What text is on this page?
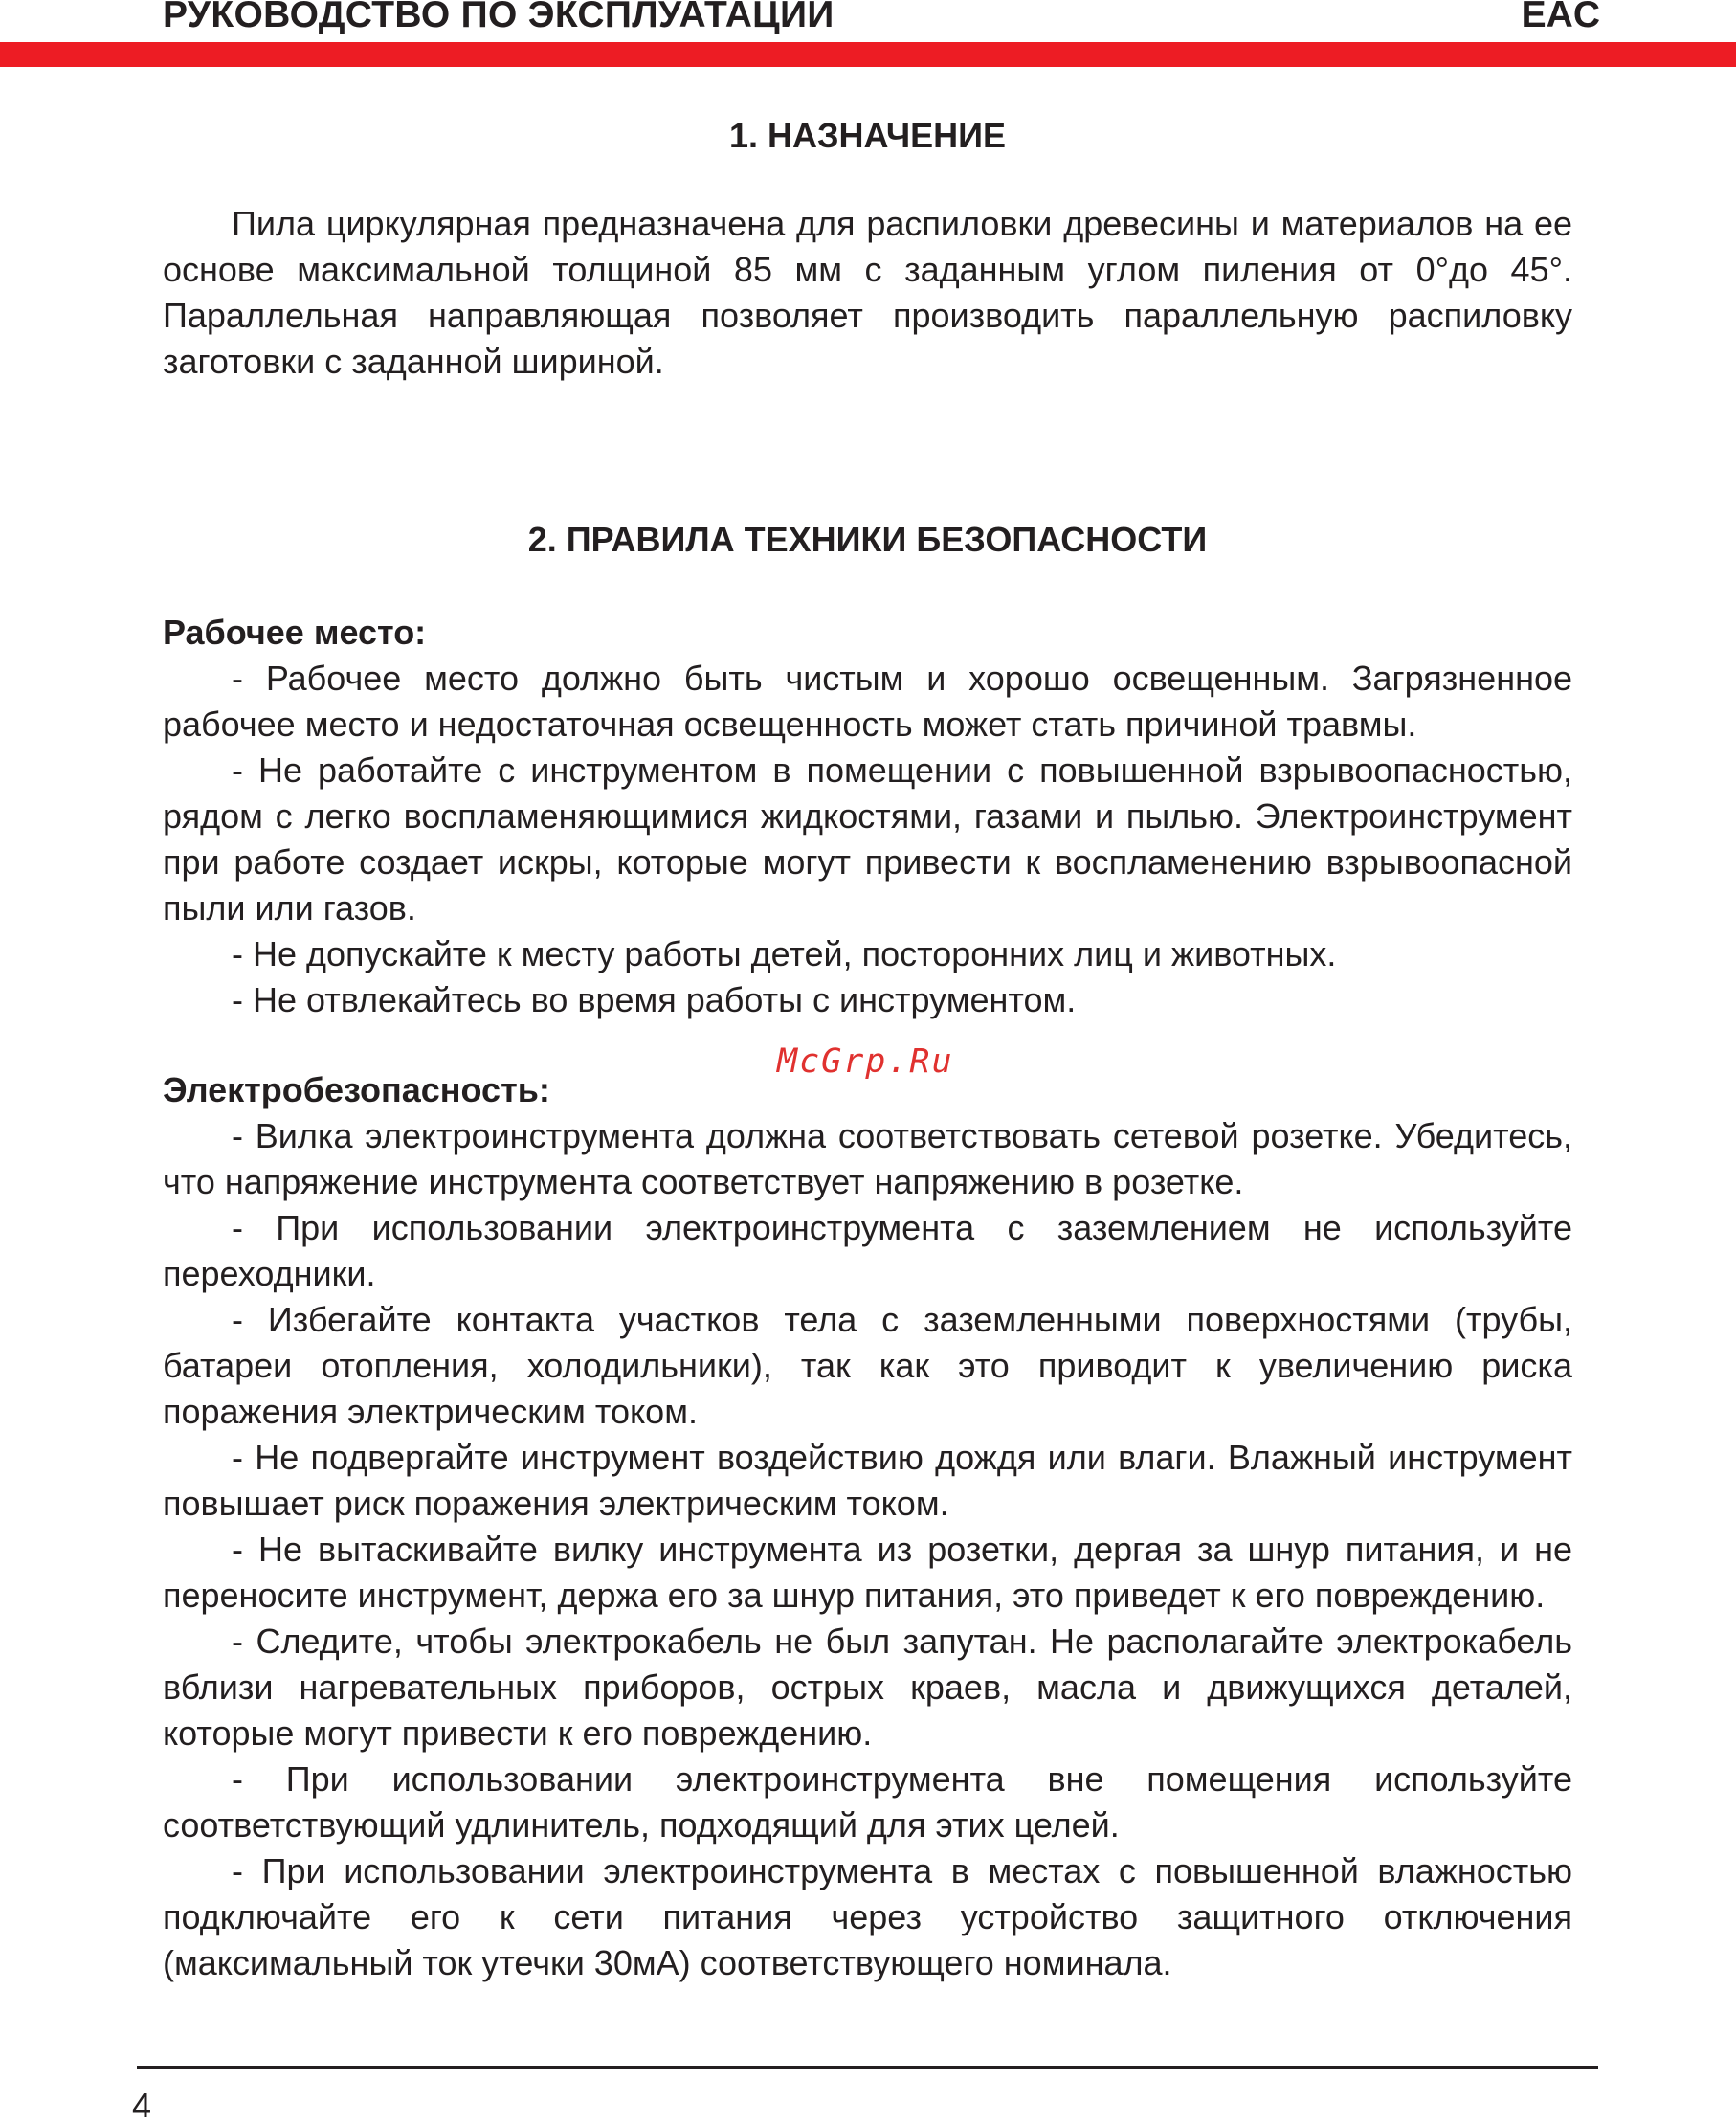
РУКОВОДСТВО ПО ЭКСПЛУАТАЦИИ	EAC
1. НАЗНАЧЕНИЕ

Пила циркулярная предназначена для распиловки древесины и материалов на ее основе максимальной толщиной 85 мм с заданным углом пиления от 0°до 45°. Параллельная направляющая позволяет производить параллельную распиловку заготовки с заданной шириной.

2. ПРАВИЛА ТЕХНИКИ БЕЗОПАСНОСТИ

Рабочее место:

- Рабочее место должно быть чистым и хорошо освещенным. Загрязненное рабочее место и недостаточная освещенность может стать причиной травмы.

- Не работайте с инструментом в помещении с повышенной взрывоопасностью, рядом с легко воспламеняющимися жидкостями, газами и пылью. Электроинструмент при работе создает искры, которые могут привести к воспламенению взрывоопасной пыли или газов.

- Не допускайте к месту работы детей, посторонних лиц и животных.

- Не отвлекайтесь во время работы с инструментом.

McGrp.Ru

Электробезопасность:

- Вилка электроинструмента должна соответствовать сетевой розетке. Убедитесь, что напряжение инструмента соответствует напряжению в розетке.

- При использовании электроинструмента с заземлением не используйте переходники.

- Избегайте контакта участков тела с заземленными поверхностями (трубы, батареи отопления, холодильники), так как это приводит к увеличению риска поражения электрическим током.

- Не подвергайте инструмент воздействию дождя или влаги. Влажный инструмент повышает риск поражения электрическим током.

- Не вытаскивайте вилку инструмента из розетки, дергая за шнур питания, и не переносите инструмент, держа его за шнур питания, это приведет к его повреждению.

- Следите, чтобы электрокабель не был запутан. Не располагайте электрокабель вблизи нагревательных приборов, острых краев, масла и движущихся деталей, которые могут привести к его повреждению.

- При использовании электроинструмента вне помещения используйте соответствующий удлинитель, подходящий для этих целей.

- При использовании электроинструмента в местах с повышенной влажностью подключайте его к сети питания через устройство защитного отключения (максимальный ток утечки 30мА) соответствующего номинала.

4
